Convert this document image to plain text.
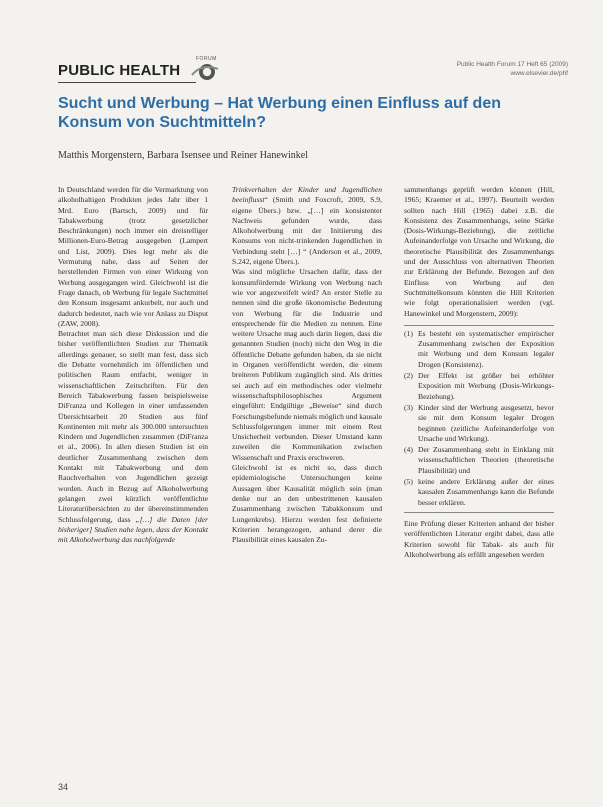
PUBLIC HEALTH
FORUM
Public Health Forum 17 Heft 65 (2009)
www.elsevier.de/phf
Sucht und Werbung – Hat Werbung einen Einfluss auf den Konsum von Suchtmitteln?
Matthis Morgenstern, Barbara Isensee und Reiner Hanewinkel

In Deutschland werden für die Vermarktung von alkoholhaltigen Produkten jedes Jahr über 1 Mrd. Euro (Bartsch, 2009) und für Tabakwerbung (trotz gesetzlicher Beschränkungen) noch immer ein dreistelliger Millionen-Euro-Betrag ausgegeben (Lampert und List, 2009). Dies legt mehr als die Vermutung nahe, dass auf Seiten der herstellenden Firmen von einer Wirkung von Werbung ausgegangen wird. Gleichwohl ist die Frage danach, ob Werbung für legale Suchtmittel den Konsum insgesamt ankurbelt, nur auch und dadurch bedeutet, nach wie vor Anlass zu Disput (ZAW, 2008).

Betrachtet man sich diese Diskussion und die bisher veröffentlichten Studien zur Thematik allerdings genauer, so stellt man fest, dass sich die Debatte vornehmlich im öffentlichen und politischen Raum entfacht, weniger in wissenschaftlichen Zeitschriften. Für den Bereich Tabakwerbung fassen beispielsweise DiFranza und Kollegen in einer umfassenden Übersichtsarbeit 20 Studien aus fünf Kontinenten mit mehr als 300.000 untersuchten Kindern und Jugendlichen zusammen (DiFranza et al., 2006). In allen diesen Studien ist ein deutlicher Zusammenhang zwischen dem Kontakt mit Tabakwerbung und dem Rauchverhalten von Jugendlichen gezeigt worden. Auch in Bezug auf Alkoholwerbung gelangen zwei kürzlich veröffentlichte Literaturübersichten zu der übereinstimmenden Schlussfolgerung, dass „[…] die Daten [der bisheriger] Studien nahe legen, dass der Kontakt mit Alkoholwerbung das nachfolgende

Trinkverhalten der Kinder und Jugendlichen beeinflusst“ (Smith und Foxcroft, 2009, S.9, eigene Übers.) bzw. „[…] ein konsistenter Nachweis gefunden wurde, dass Alkoholwerbung mit der Initiierung des Konsums von nicht-trinkenden Jugendlichen in Verbindung steht […] “ (Anderson et al., 2009, S.242, eigene Übers.).

Was sind mögliche Ursachen dafür, dass der konsumfördernde Wirkung von Werbung nach wie vor angezweifelt wird? An erster Stelle zu nennen sind die große ökonomische Bedeutung von Werbung für die Industrie und entsprechende für die Medien zu nennen. Eine weitere Ursache mag auch darin liegen, dass die genannten Studien (noch) nicht den Weg in die öffentliche Debatte gefunden haben, da sie nicht in Organen veröffentlicht werden, die einem breiteren Publikum zugänglich sind. Als drittes sei auch auf ein methodisches oder vielmehr wissenschaftsphilosophisches Argument eingeführt: Endgültige „Beweise“ sind durch Forschungsbefunde niemals möglich und kausale Schlussfolgerungen immer mit einem Rest Unsicherheit verbunden. Dieser Umstand kann zuweilen die Kommunikation zwischen Wissenschaft und Praxis erschweren.

Gleichwohl ist es nicht so, dass durch epidemiologische Untersuchungen keine Aussagen über Kausalität möglich sein (man denke nur an den unbestrittenen kausalen Zusammenhang zwischen Tabakkonsum und Lungenkrebs). Hierzu werden fest definierte Kriterien herangezogen, anhand derer die Plausibilität eines kausalen Zu-

sammenhangs geprüft werden können (Hill, 1965; Kraemer et al., 1997). Beurteilt werden sollten nach Hill (1965) dabei z.B. die Konsistenz des Zusammenhangs, seine Stärke (Dosis-Wirkungs-Beziehung), die zeitliche Aufeinanderfolge von Ursache und Wirkung, die theoretische Plausibilität des Zusammenhangs und der Ausschluss von alternativen Theorien zur Erklärung der Befunde. Bezogen auf den Einfluss von Werbung auf den Suchtmittelkonsum könnten die Hill Kriterien wie folgt operationalisiert werden (vgl. Hanewinkel und Morgenstern, 2009):

(1) Es besteht ein systematischer empirischer Zusammenhang zwischen der Exposition mit Werbung und dem Konsum legaler Drogen (Konsistenz).
(2) Der Effekt ist größer bei erhöhter Exposition mit Werbung (Dosis-Wirkungs-Beziehung).
(3) Kinder sind der Werbung ausgesetzt, bevor sie mit dem Konsum legaler Drogen beginnen (zeitliche Aufeinanderfolge von Ursache und Wirkung).
(4) Der Zusammenhang steht in Einklang mit wissenschaftlichen Theorien (theoretische Plausibilität) und
(5) keine andere Erklärung außer der eines kausalen Zusammenhangs kann die Befunde besser erklären.

Eine Prüfung dieser Kriterien anhand der bisher veröffentlichten Literatur ergibt dabei, dass alle Kriterien sowohl für Tabak- als auch für Alkoholwerbung als erfüllt angesehen werden

34
